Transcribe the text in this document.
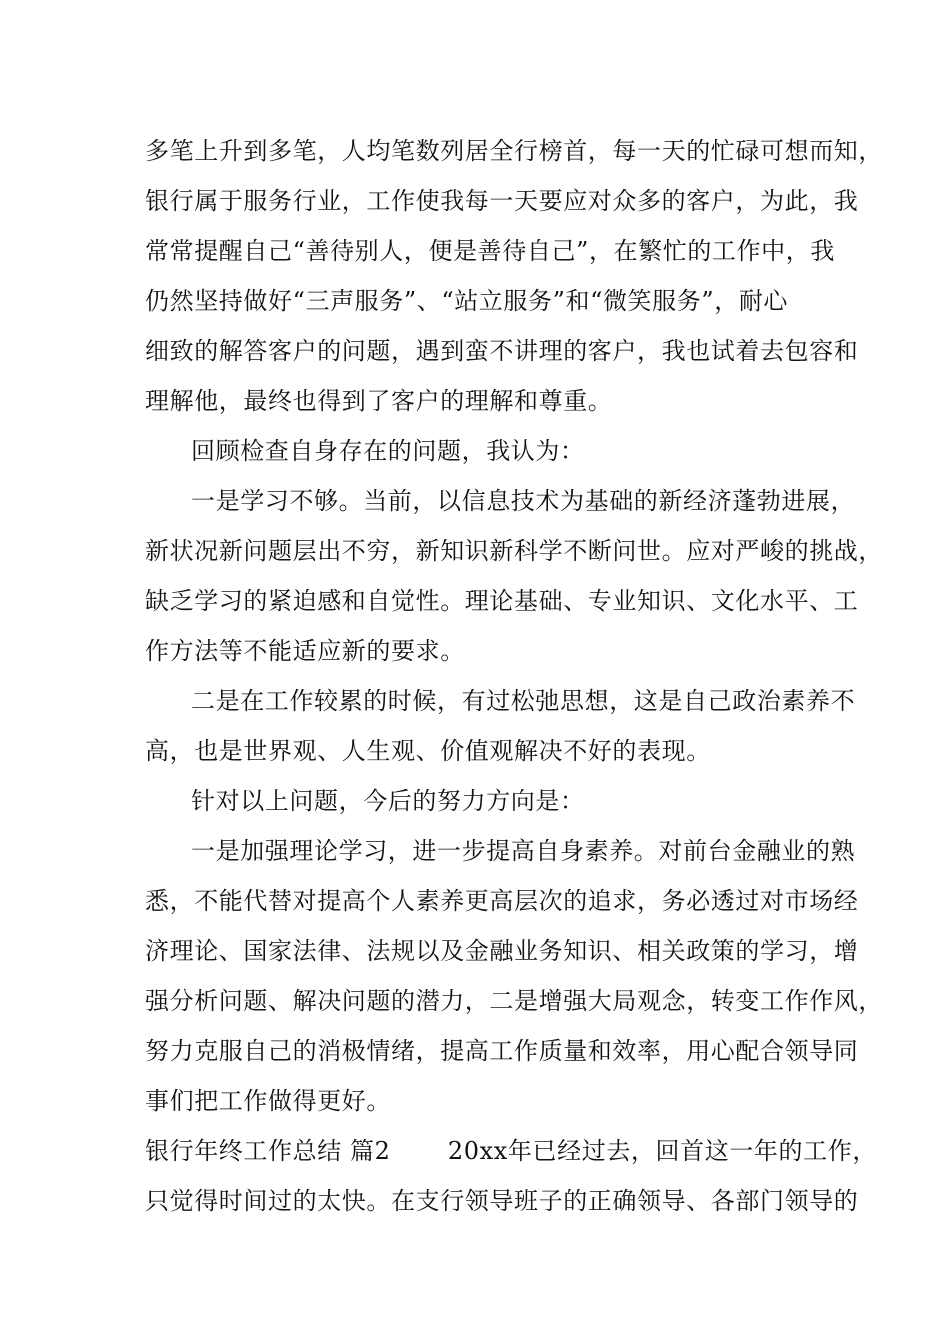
多笔上升到多笔，人均笔数列居全行榜首，每一天的忙碌可想而知，
银行属于服务行业，工作使我每一天要应对众多的客户，为此，我
常常提醒自己“善待别人，便是善待自己”，在繁忙的工作中，我
仍然坚持做好“三声服务”、“站立服务”和“微笑服务”，耐心
细致的解答客户的问题，遇到蛮不讲理的客户，我也试着去包容和
理解他，最终也得到了客户的理解和尊重。
回顾检查自身存在的问题，我认为：
一是学习不够。当前，以信息技术为基础的新经济蓬勃进展，
新状况新问题层出不穷，新知识新科学不断问世。应对严峻的挑战，
缺乏学习的紧迫感和自觉性。理论基础、专业知识、文化水平、工
作方法等不能适应新的要求。
二是在工作较累的时候，有过松弛思想，这是自己政治素养不
高，也是世界观、人生观、价值观解决不好的表现。
针对以上问题，今后的努力方向是：
一是加强理论学习，进一步提高自身素养。对前台金融业的熟
悉，不能代替对提高个人素养更高层次的追求，务必透过对市场经
济理论、国家法律、法规以及金融业务知识、相关政策的学习，增
强分析问题、解决问题的潜力，二是增强大局观念，转变工作作风，
努力克服自己的消极情绪，提高工作质量和效率，用心配合领导同
事们把工作做得更好。
银行年终工作总结 篇2　　 20xx年已经过去，回首这一年的工作，
只觉得时间过的太快。在支行领导班子的正确领导、各部门领导的
